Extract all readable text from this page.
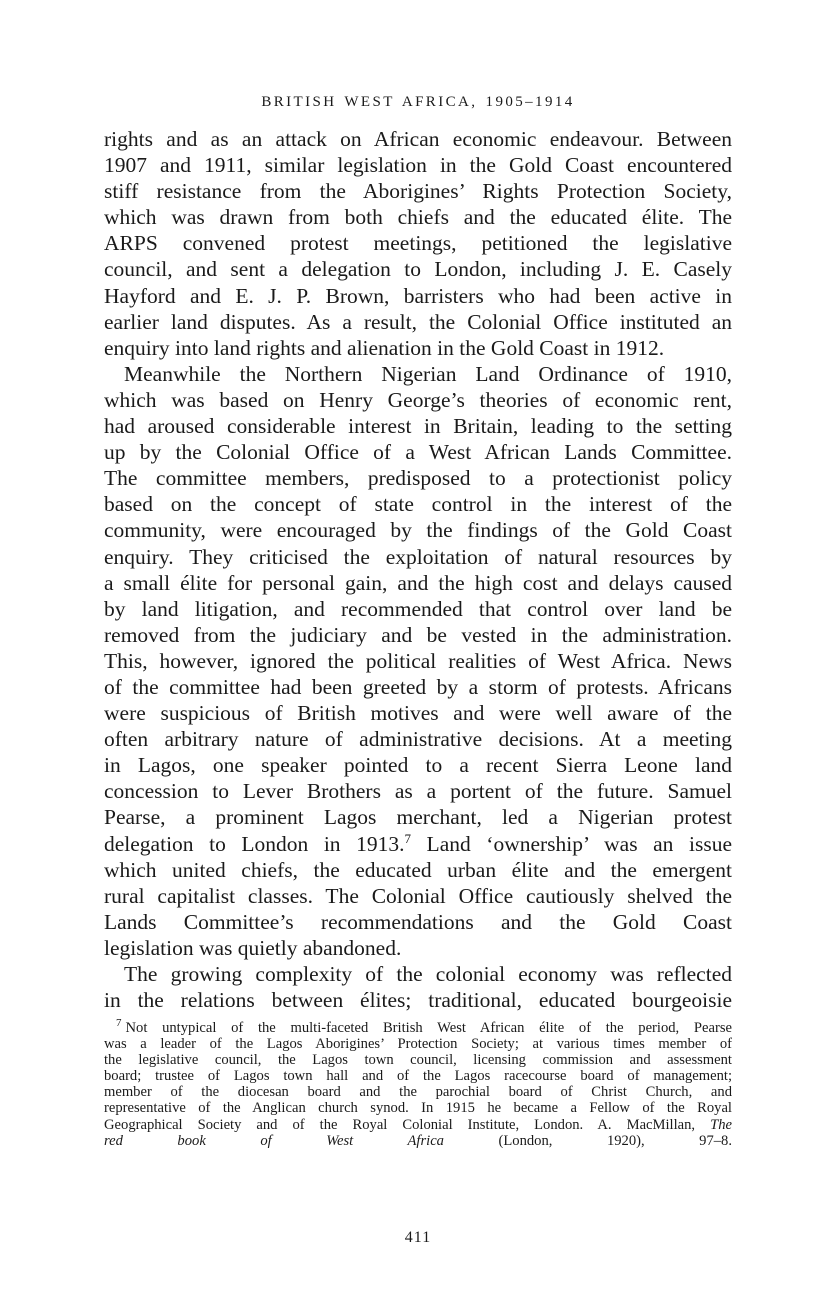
BRITISH WEST AFRICA, 1905–1914
rights and as an attack on African economic endeavour. Between
1907 and 1911, similar legislation in the Gold Coast encountered
stiff resistance from the Aborigines’ Rights Protection Society,
which was drawn from both chiefs and the educated élite. The
ARPS convened protest meetings, petitioned the legislative
council, and sent a delegation to London, including J. E. Casely
Hayford and E. J. P. Brown, barristers who had been active in
earlier land disputes. As a result, the Colonial Office instituted an
enquiry into land rights and alienation in the Gold Coast in 1912.
Meanwhile the Northern Nigerian Land Ordinance of 1910,
which was based on Henry George’s theories of economic rent,
had aroused considerable interest in Britain, leading to the setting
up by the Colonial Office of a West African Lands Committee.
The committee members, predisposed to a protectionist policy
based on the concept of state control in the interest of the
community, were encouraged by the findings of the Gold Coast
enquiry. They criticised the exploitation of natural resources by
a small élite for personal gain, and the high cost and delays caused
by land litigation, and recommended that control over land be
removed from the judiciary and be vested in the administration.
This, however, ignored the political realities of West Africa. News
of the committee had been greeted by a storm of protests. Africans
were suspicious of British motives and were well aware of the
often arbitrary nature of administrative decisions. At a meeting
in Lagos, one speaker pointed to a recent Sierra Leone land
concession to Lever Brothers as a portent of the future. Samuel
Pearse, a prominent Lagos merchant, led a Nigerian protest
delegation to London in 1913.$^7$ Land ‘ownership’ was an issue
which united chiefs, the educated urban élite and the emergent
rural capitalist classes. The Colonial Office cautiously shelved the
Lands Committee’s recommendations and the Gold Coast
legislation was quietly abandoned.
The growing complexity of the colonial economy was reflected
in the relations between élites; traditional, educated bourgeoisie
$^7$ Not untypical of the multi-faceted British West African élite of the period, Pearse
was a leader of the Lagos Aborigines’ Protection Society; at various times member of
the legislative council, the Lagos town council, licensing commission and assessment
board; trustee of Lagos town hall and of the Lagos racecourse board of management;
member of the diocesan board and the parochial board of Christ Church, and
representative of the Anglican church synod. In 1915 he became a Fellow of the Royal
Geographical Society and of the Royal Colonial Institute, London. A. MacMillan, The
red book of West Africa (London, 1920), 97–8.
411
